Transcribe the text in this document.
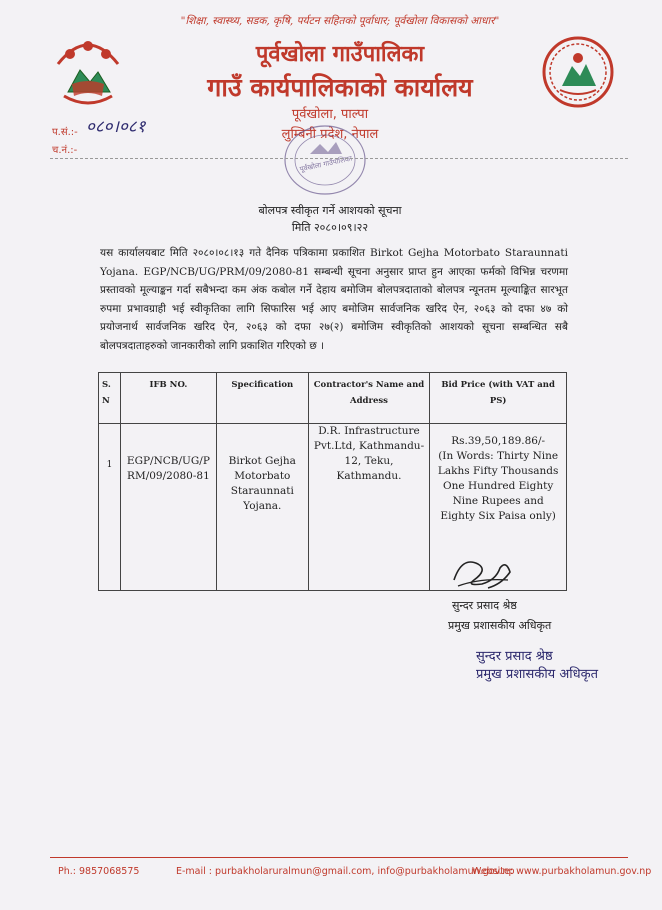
"शिक्षा, स्वास्थ्य, सडक, कृषि, पर्यटन सहितको पूर्वाधार; पूर्वखोला विकासको आधार"
पूर्वखोला गाउँपालिका
गाउँ कार्यपालिकाको कार्यालय
पूर्वखोला, पाल्पा
लुम्बिनी प्रदेश, नेपाल
पूर्वखोला गाउँपालिका
प.सं.:- ०८०।०८१
च.नं.:-
बोलपत्र स्वीकृत गर्ने आशयको सूचना
मिति २०८०।०९।२२
यस कार्यालयबाट मिति २०८०।०८।१३ गते दैनिक पत्रिकामा प्रकाशित Birkot Gejha Motorbato Staraunnati Yojana. EGP/NCB/UG/PRM/09/2080-81 सम्बन्धी सूचना अनुसार प्राप्त हुन आएका फर्मको विभिन्न चरणमा प्रस्तावको मूल्याङ्कन गर्दा सबैभन्दा कम अंक कबोल गर्ने देहाय बमोजिम बोलपत्रदाताको बोलपत्र न्यूनतम मूल्याङ्कित सारभूत रुपमा प्रभावग्राही भई स्वीकृतिका लागि सिफारिस भई आए बमोजिम सार्वजनिक खरिद ऐन, २०६३ को दफा ४७ को प्रयोजनार्थ सार्वजनिक खरिद ऐन, २०६३ को दफा २७(२) बमोजिम स्वीकृतिको आशयको सूचना सम्बन्धित सबै बोलपत्रदाताहरुको जानकारीको लागि प्रकाशित गरिएको छ ।
S. N	IFB NO.	Specification	Contractor's Name and Address	Bid Price (with VAT and PS)
1	EGP/NCB/UG/P RM/09/2080-81	Birkot Gejha Motorbato Staraunnati Yojana.	D.R. Infrastructure Pvt.Ltd, Kathmandu-12, Teku, Kathmandu.	Rs.39,50,189.86/-
(In Words: Thirty Nine Lakhs Fifty Thousands One Hundred Eighty Nine Rupees and Eighty Six Paisa only)
सुन्दर प्रसाद श्रेष्ठ
प्रमुख प्रशासकीय अधिकृत
सुन्दर प्रसाद श्रेष्ठ
प्रमुख प्रशासकीय अधिकृत
Ph.: 9857068575	E-mail : purbakholaruralmun@gmail.com, info@purbakholamun.gov.np
Website: www.purbakholamun.gov.np
